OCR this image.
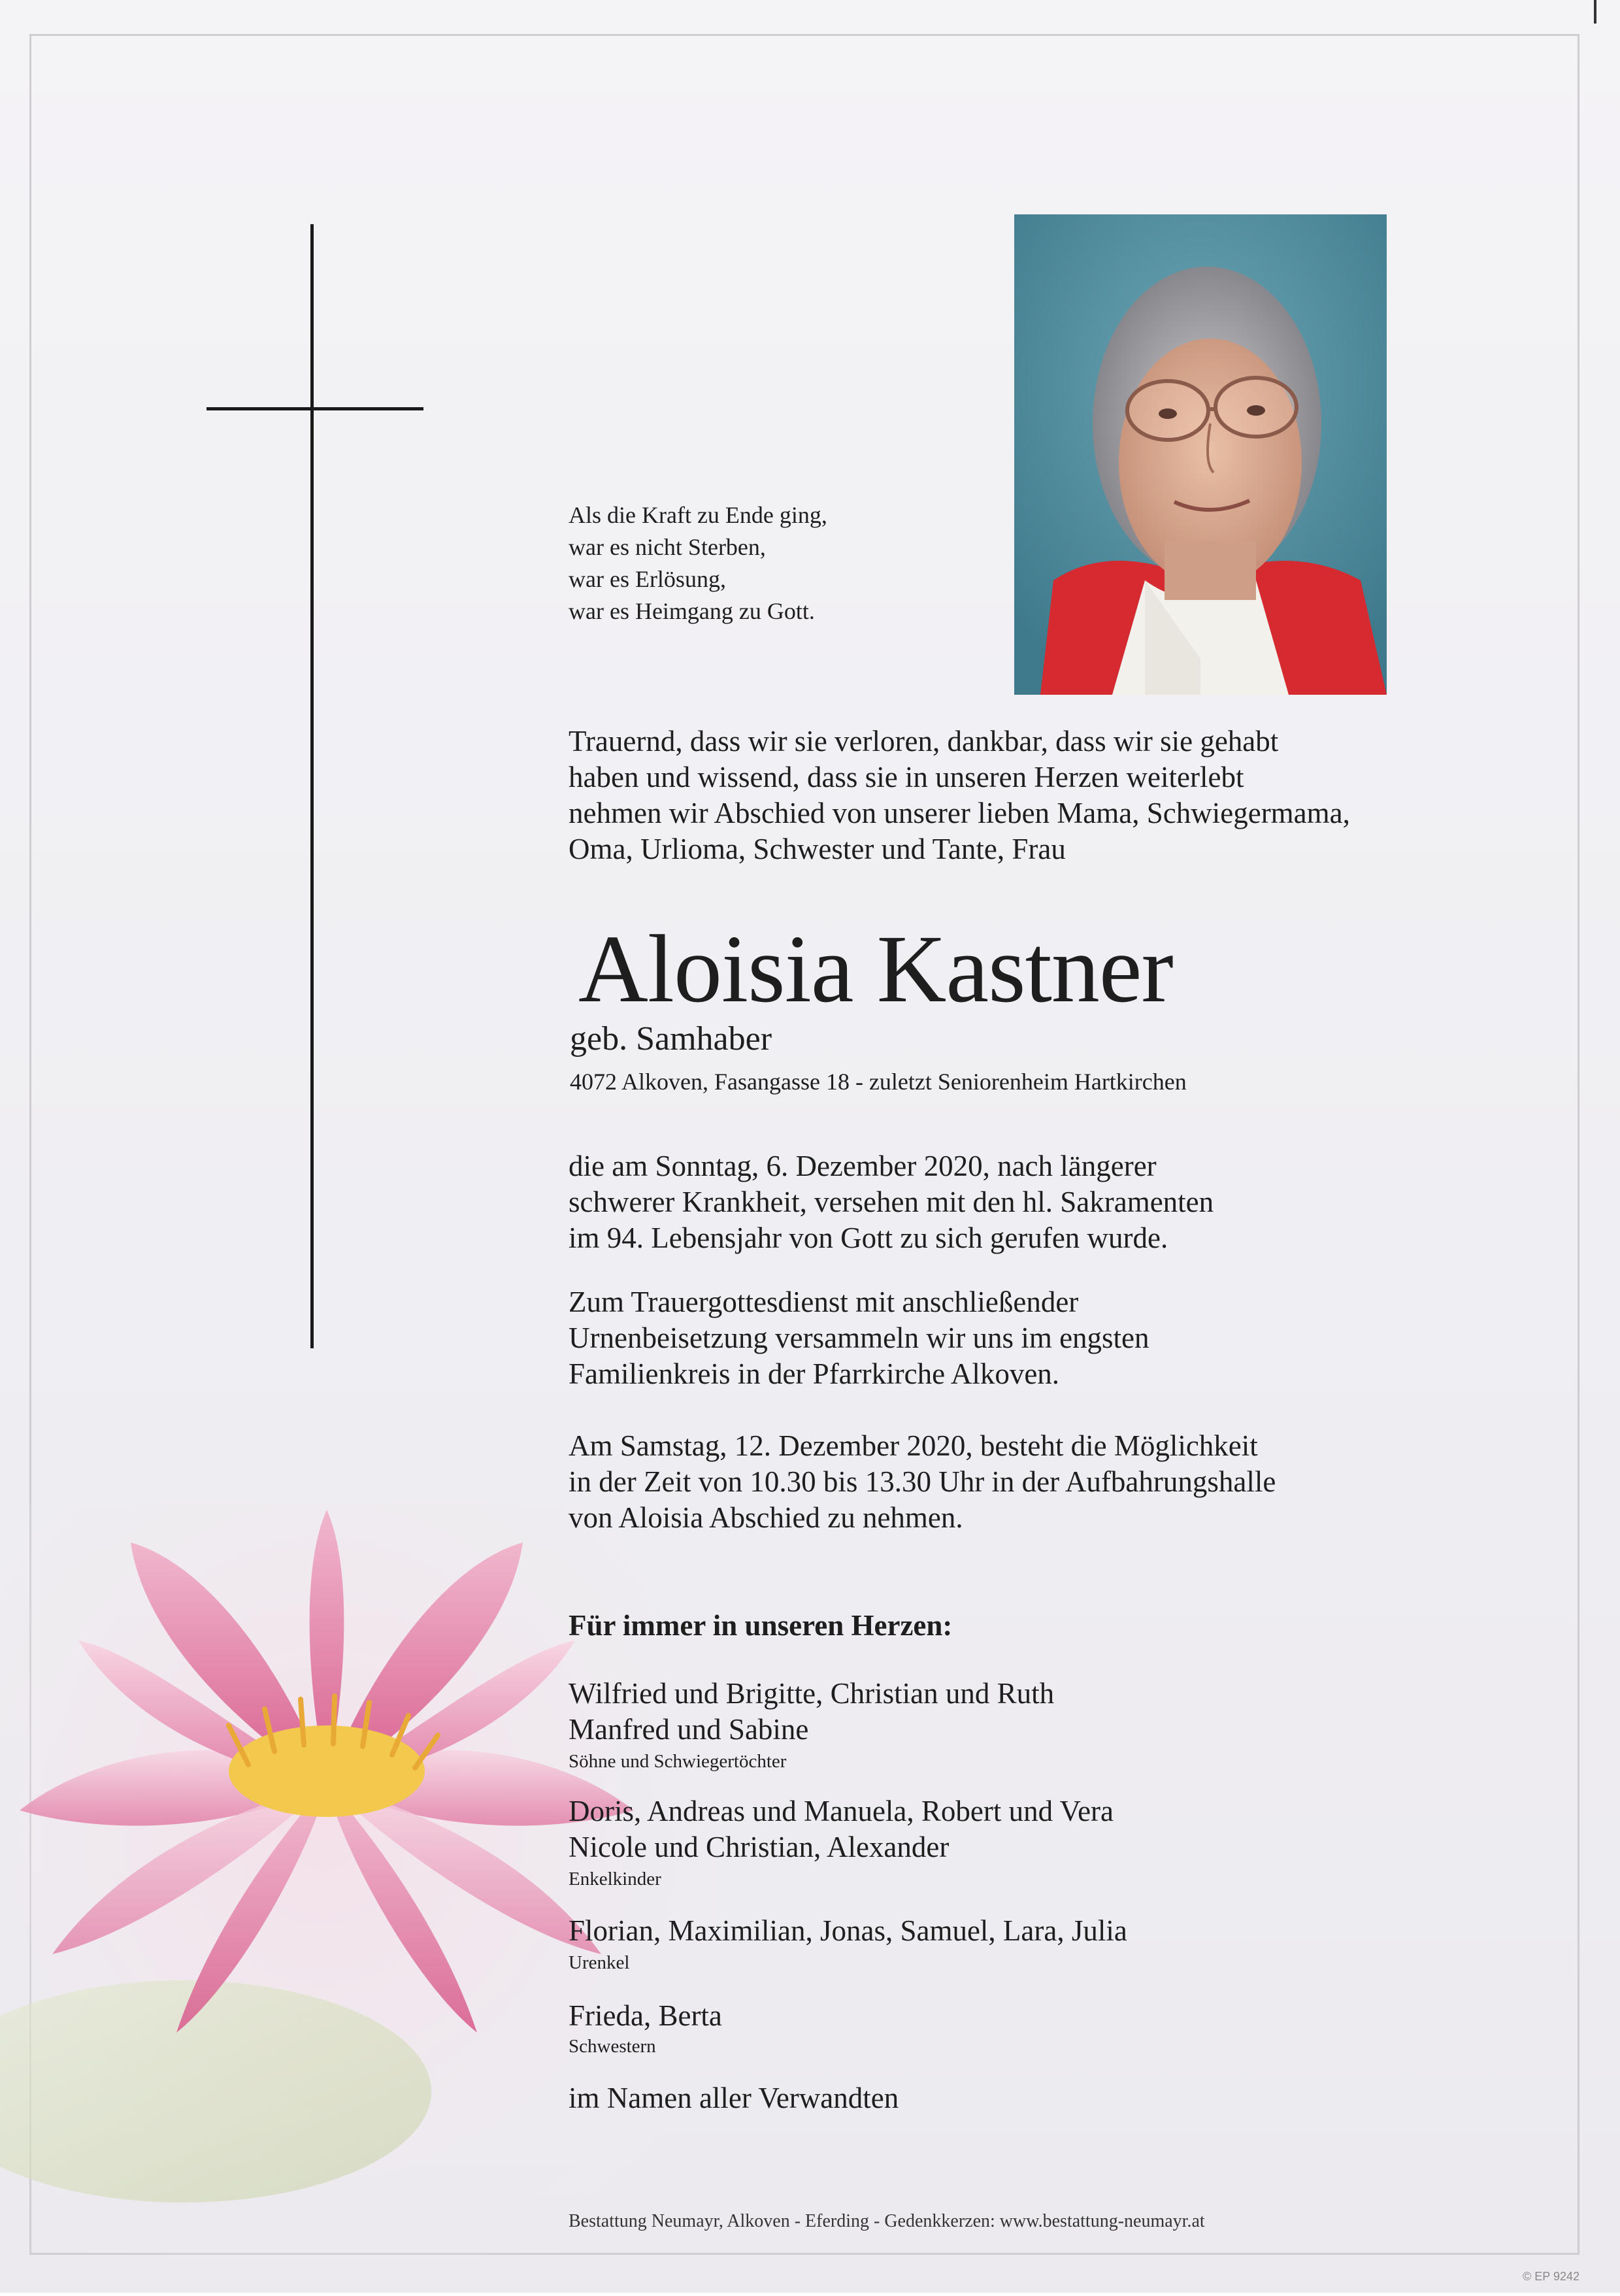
Als die Kraft zu Ende ging,
war es nicht Sterben,
war es Erlösung,
war es Heimgang zu Gott.
Trauernd, dass wir sie verloren, dankbar, dass wir sie gehabt
haben und wissend, dass sie in unseren Herzen weiterlebt
nehmen wir Abschied von unserer lieben Mama, Schwiegermama,
Oma, Urlioma, Schwester und Tante, Frau
Aloisia Kastner
geb. Samhaber
4072 Alkoven, Fasangasse 18 - zuletzt Seniorenheim Hartkirchen
die am Sonntag, 6. Dezember 2020, nach längerer
schwerer Krankheit, versehen mit den hl. Sakramenten
im 94. Lebensjahr von Gott zu sich gerufen wurde.
Zum Trauergottesdienst mit anschließender
Urnenbeisetzung versammeln wir uns im engsten
Familienkreis in der Pfarrkirche Alkoven.
Am Samstag, 12. Dezember 2020, besteht die Möglichkeit
in der Zeit von 10.30 bis 13.30 Uhr in der Aufbahrungshalle
von Aloisia Abschied zu nehmen.
Für immer in unseren Herzen:
Wilfried und Brigitte, Christian und Ruth
Manfred und Sabine
Söhne und Schwiegertöchter
Doris, Andreas und Manuela, Robert und Vera
Nicole und Christian, Alexander
Enkelkinder
Florian, Maximilian, Jonas, Samuel, Lara, Julia
Urenkel
Frieda, Berta
Schwestern
im Namen aller Verwandten
Bestattung Neumayr, Alkoven - Eferding - Gedenkkerzen: www.bestattung-neumayr.at
© EP 9242
